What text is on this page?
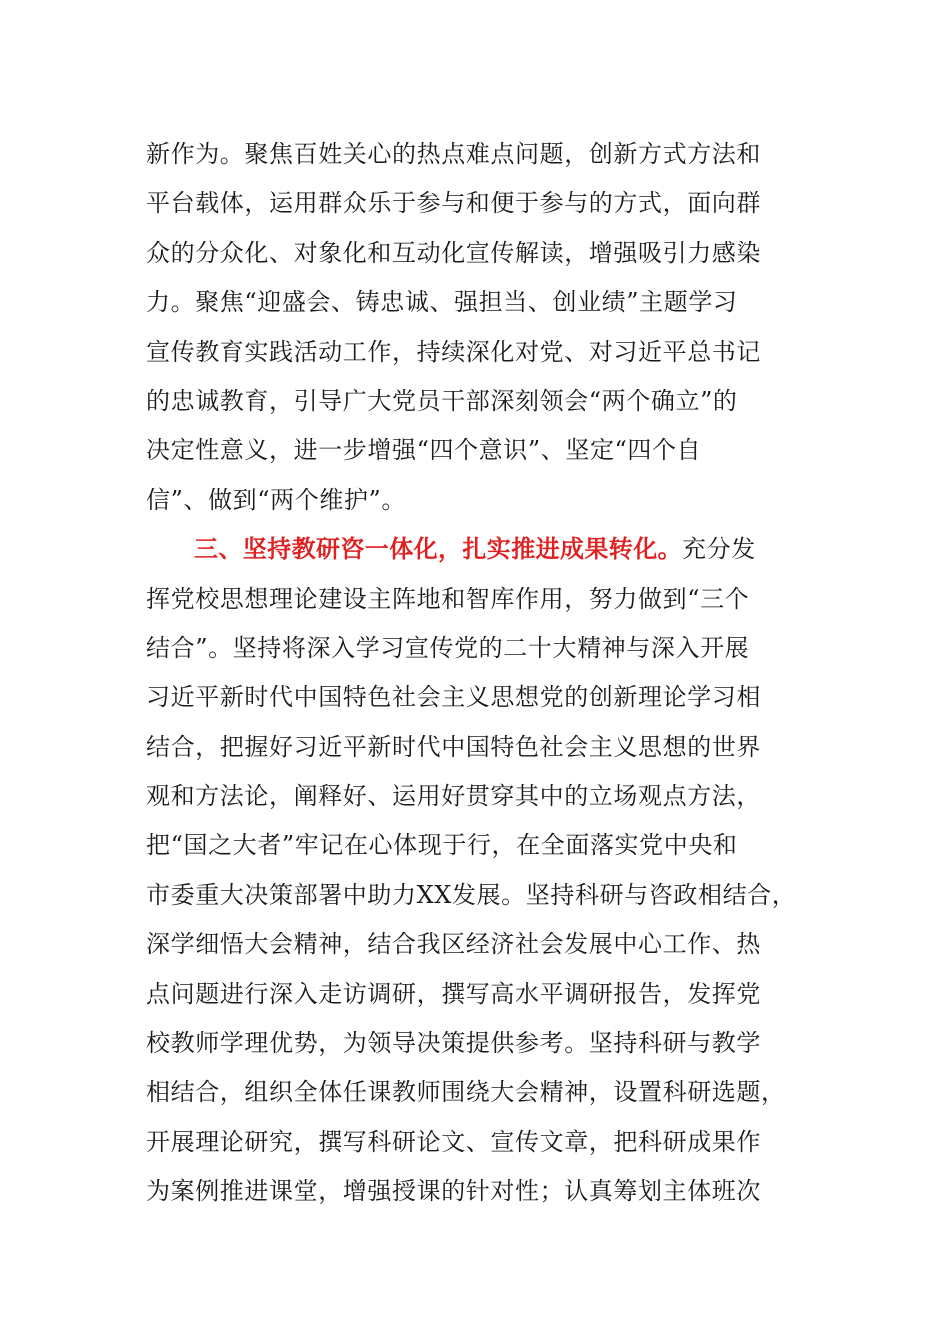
新作为。聚焦百姓关心的热点难点问题，创新方式方法和
平台载体，运用群众乐于参与和便于参与的方式，面向群
众的分众化、对象化和互动化宣传解读，增强吸引力感染
力。聚焦“迎盛会、铸忠诚、强担当、创业绩”主题学习
宣传教育实践活动工作，持续深化对党、对习近平总书记
的忠诚教育，引导广大党员干部深刻领会“两个确立”的
决定性意义，进一步增强“四个意识”、坚定“四个自
信”、做到“两个维护”。
三、坚持教研咨一体化，扎实推进成果转化。充分发
挥党校思想理论建设主阵地和智库作用，努力做到“三个
结合”。坚持将深入学习宣传党的二十大精神与深入开展
习近平新时代中国特色社会主义思想党的创新理论学习相
结合，把握好习近平新时代中国特色社会主义思想的世界
观和方法论，阐释好、运用好贯穿其中的立场观点方法，
把“国之大者”牢记在心体现于行，在全面落实党中央和
市委重大决策部署中助力XX发展。坚持科研与咨政相结合，
深学细悟大会精神，结合我区经济社会发展中心工作、热
点问题进行深入走访调研，撰写高水平调研报告，发挥党
校教师学理优势，为领导决策提供参考。坚持科研与教学
相结合，组织全体任课教师围绕大会精神，设置科研选题，
开展理论研究，撰写科研论文、宣传文章，把科研成果作
为案例推进课堂，增强授课的针对性；认真筹划主体班次
